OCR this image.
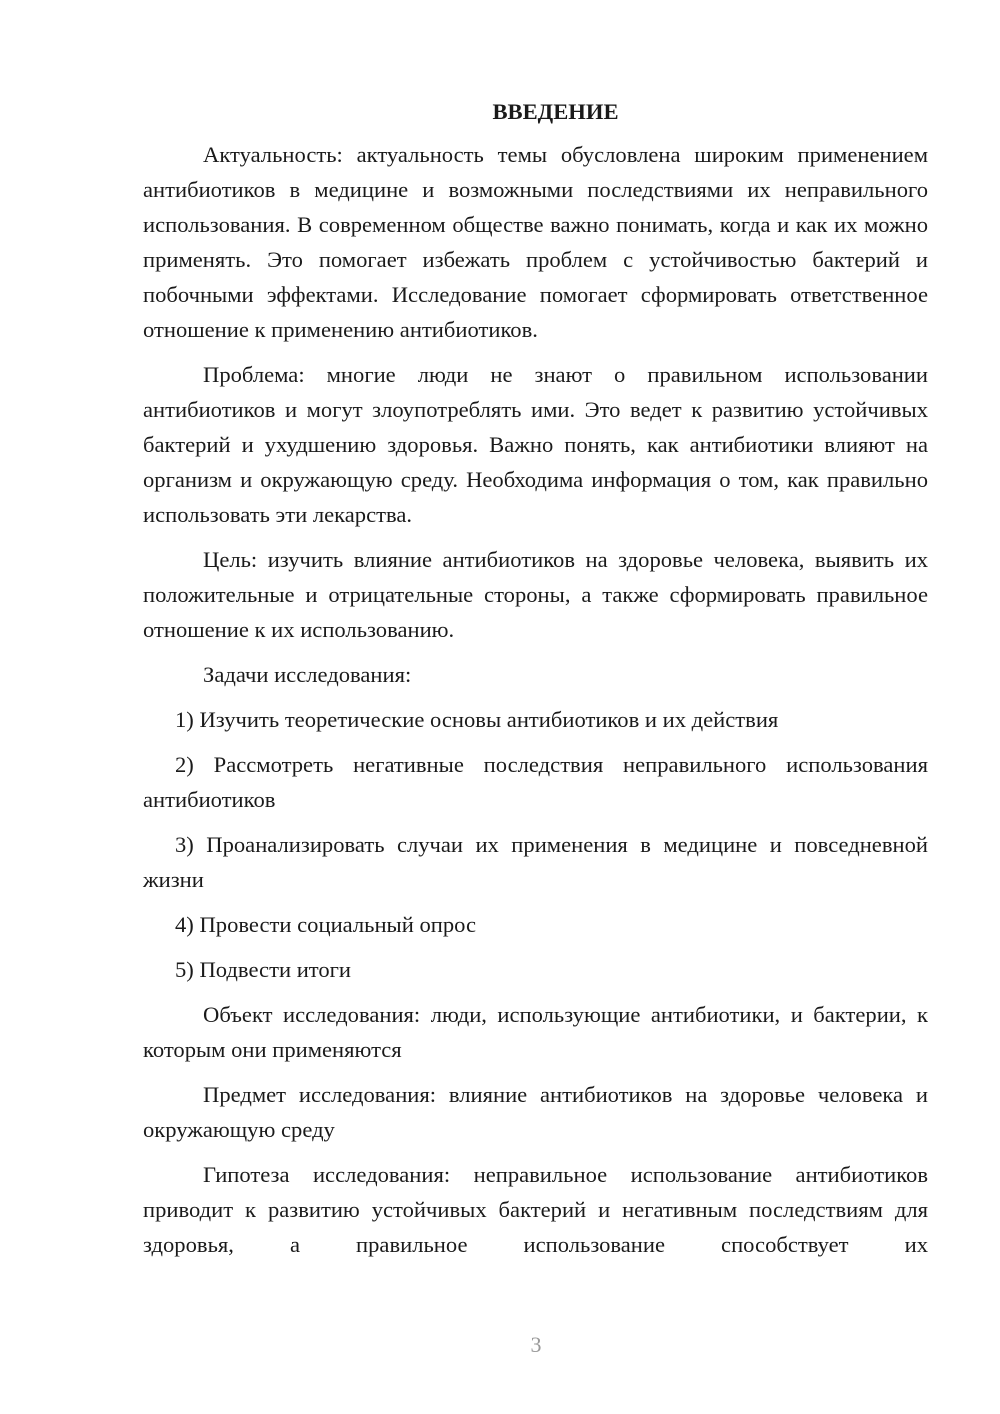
ВВЕДЕНИЕ

Актуальность: актуальность темы обусловлена широким применением антибиотиков в медицине и возможными последствиями их неправильного использования. В современном обществе важно понимать, когда и как их можно применять. Это помогает избежать проблем с устойчивостью бактерий и побочными эффектами. Исследование помогает сформировать ответственное отношение к применению антибиотиков.

Проблема: многие люди не знают о правильном использовании антибиотиков и могут злоупотреблять ими. Это ведет к развитию устойчивых бактерий и ухудшению здоровья. Важно понять, как антибиотики влияют на организм и окружающую среду. Необходима информация о том, как правильно использовать эти лекарства.

Цель: изучить влияние антибиотиков на здоровье человека, выявить их положительные и отрицательные стороны, а также сформировать правильное отношение к их использованию.

Задачи исследования:

1) Изучить теоретические основы антибиотиков и их действия

2) Рассмотреть негативные последствия неправильного использования антибиотиков

3) Проанализировать случаи их применения в медицине и повседневной жизни

4) Провести социальный опрос

5) Подвести итоги

Объект исследования: люди, использующие антибиотики, и бактерии, к которым они применяются

Предмет исследования: влияние антибиотиков на здоровье человека и окружающую среду

Гипотеза исследования: неправильное использование антибиотиков приводит к развитию устойчивых бактерий и негативным последствиям для здоровья, а правильное использование способствует их

3
